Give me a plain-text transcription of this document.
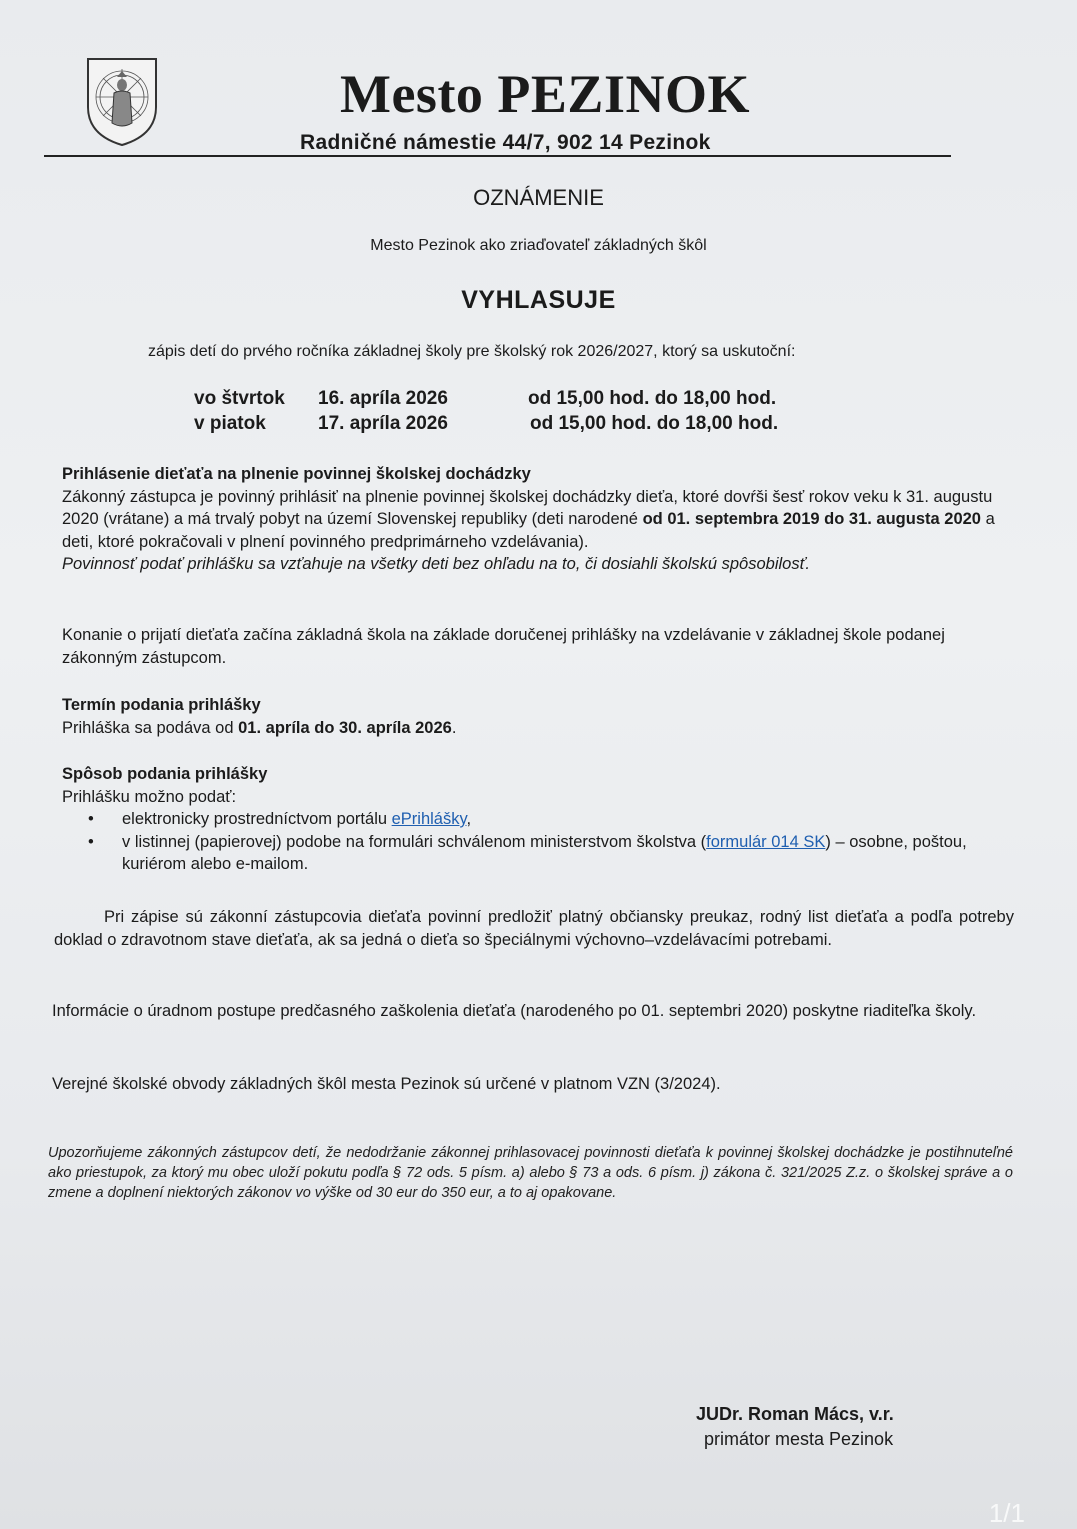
Mesto PEZINOK
Radničné námestie 44/7, 902 14 Pezinok
OZNÁMENIE
Mesto Pezinok ako zriaďovateľ základných škôl
VYHLASUJE
zápis detí do prvého ročníka základnej školy pre školský rok 2026/2027, ktorý sa uskutoční:
vo štvrtok 16. apríla 2026	od 15,00 hod. do 18,00 hod.
v piatok	17. apríla 2026	od 15,00 hod. do 18,00 hod.

Prihlásenie dieťaťa na plnenie povinnej školskej dochádzky

Zákonný zástupca je povinný prihlásiť na plnenie povinnej školskej dochádzky dieťa, ktoré dovŕši šesť rokov veku k 31. augustu 2020 (vrátane) a má trvalý pobyt na území Slovenskej republiky (deti narodené od 01. septembra 2019 do 31. augusta 2020 a deti, ktoré pokračovali v plnení povinného predprimárneho vzdelávania).

Povinnosť podať prihlášku sa vzťahuje na všetky deti bez ohľadu na to, či dosiahli školskú spôsobilosť.

Konanie o prijatí dieťaťa začína základná škola na základe doručenej prihlášky na vzdelávanie v základnej škole podanej zákonným zástupcom.

Termín podania prihlášky

Prihláška sa podáva od 01. apríla do 30. apríla 2026.

Spôsob podania prihlášky

Prihlášku možno podať:

• elektronicky prostredníctvom portálu ePrihlášky,
• v listinnej (papierovej) podobe na formulári schválenom ministerstvom školstva (formulár 014 SK) – osobne, poštou, kuriérom alebo e-mailom.
Pri zápise sú zákonní zástupcovia dieťaťa povinní predložiť platný občiansky preukaz, rodný list dieťaťa a podľa potreby doklad o zdravotnom stave dieťaťa, ak sa jedná o dieťa so špeciálnymi výchovno–vzdelávacími potrebami.
Informácie o úradnom postupe predčasného zaškolenia dieťaťa (narodeného po 01. septembri 2020) poskytne riaditeľka školy.
Verejné školské obvody základných škôl mesta Pezinok sú určené v platnom VZN (3/2024).
Upozorňujeme zákonných zástupcov detí, že nedodržanie zákonnej prihlasovacej povinnosti dieťaťa k povinnej školskej dochádzke je postihnuteľné ako priestupok, za ktorý mu obec uloží pokutu podľa § 72 ods. 5 písm. a) alebo § 73 a ods. 6 písm. j) zákona č. 321/2025 Z.z. o školskej správe a o zmene a doplnení niektorých zákonov vo výške od 30 eur do 350 eur, a to aj opakovane.
JUDr. Roman Mács, v.r.
primátor mesta Pezinok
1/1
